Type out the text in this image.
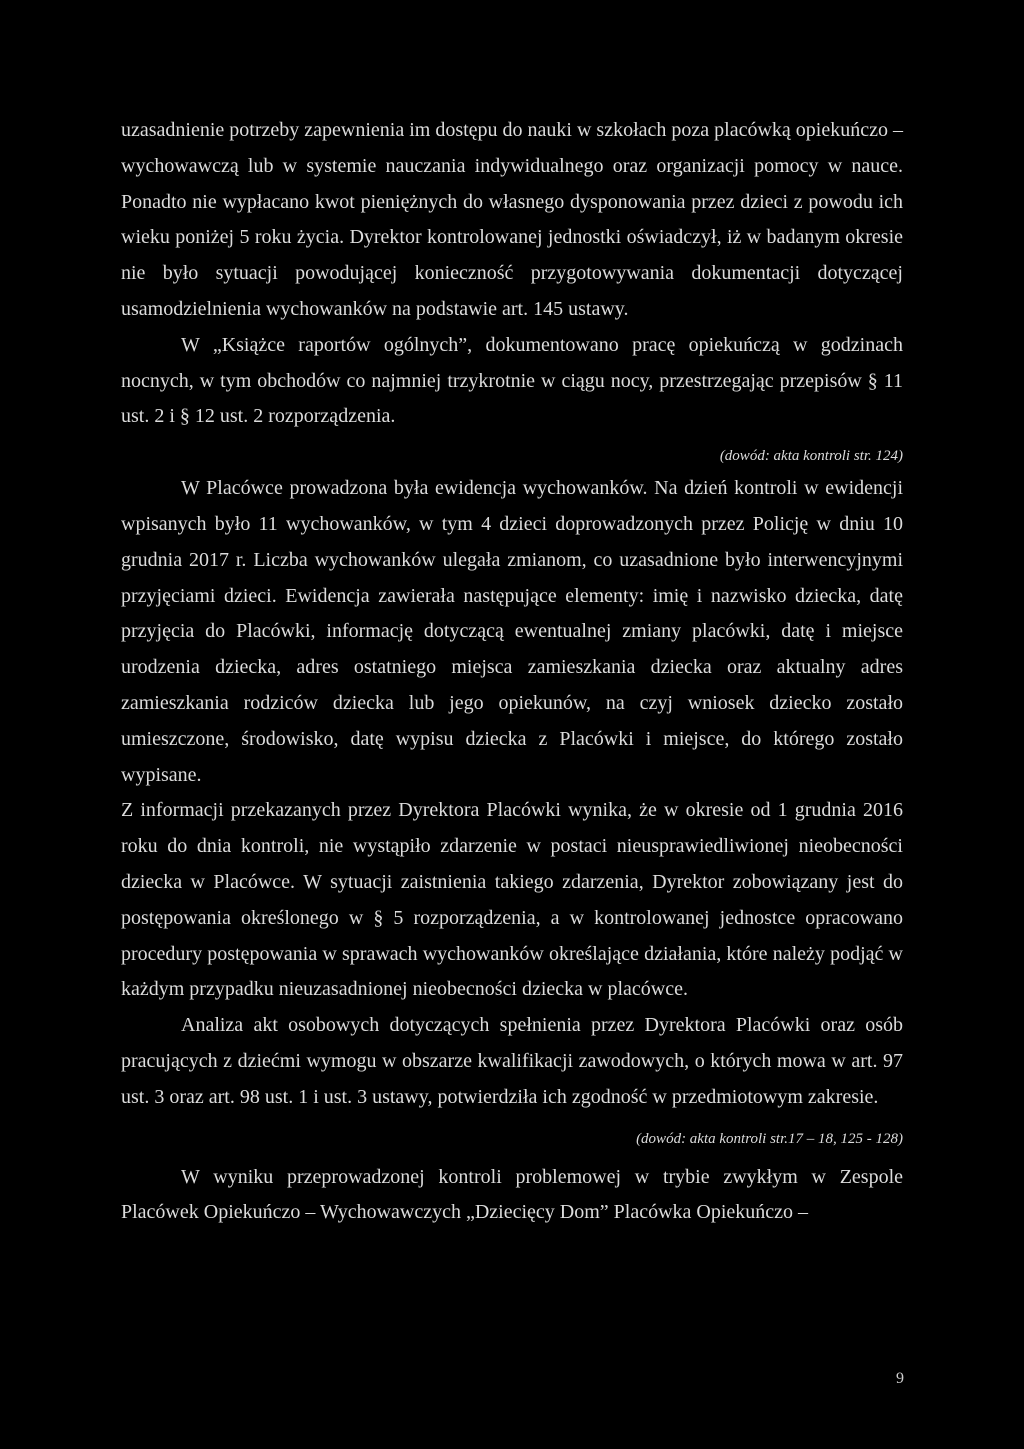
uzasadnienie potrzeby zapewnienia im dostępu do nauki w szkołach poza placówką opiekuńczo – wychowawczą lub w systemie nauczania indywidualnego oraz organizacji pomocy w nauce. Ponadto nie wypłacano kwot pieniężnych do własnego dysponowania przez dzieci z powodu ich wieku poniżej 5 roku życia. Dyrektor kontrolowanej jednostki oświadczył, iż w badanym okresie nie było sytuacji powodującej konieczność przygotowywania dokumentacji dotyczącej usamodzielnienia wychowanków na podstawie art. 145 ustawy.

W „Książce raportów ogólnych”, dokumentowano pracę opiekuńczą w godzinach nocnych, w tym obchodów co najmniej trzykrotnie w ciągu nocy, przestrzegając przepisów § 11 ust. 2 i § 12 ust. 2 rozporządzenia.

(dowód: akta kontroli str. 124)

W Placówce prowadzona była ewidencja wychowanków. Na dzień kontroli w ewidencji wpisanych było 11 wychowanków, w tym 4 dzieci doprowadzonych przez Policję w dniu 10 grudnia 2017 r. Liczba wychowanków ulegała zmianom, co uzasadnione było interwencyjnymi przyjęciami dzieci. Ewidencja zawierała następujące elementy: imię i nazwisko dziecka, datę przyjęcia do Placówki, informację dotyczącą ewentualnej zmiany placówki, datę i miejsce urodzenia dziecka, adres ostatniego miejsca zamieszkania dziecka oraz aktualny adres zamieszkania rodziców dziecka lub jego opiekunów, na czyj wniosek dziecko zostało umieszczone, środowisko, datę wypisu dziecka z Placówki i miejsce, do którego zostało wypisane.

Z informacji przekazanych przez Dyrektora Placówki wynika, że w okresie od 1 grudnia 2016 roku do dnia kontroli, nie wystąpiło zdarzenie w postaci nieusprawiedliwionej nieobecności dziecka w Placówce. W sytuacji zaistnienia takiego zdarzenia, Dyrektor zobowiązany jest do postępowania określonego w § 5 rozporządzenia, a w kontrolowanej jednostce opracowano procedury postępowania w sprawach wychowanków określające działania, które należy podjąć w każdym przypadku nieuzasadnionej nieobecności dziecka w placówce.

Analiza akt osobowych dotyczących spełnienia przez Dyrektora Placówki oraz osób pracujących z dziećmi wymogu w obszarze kwalifikacji zawodowych, o których mowa w art. 97 ust. 3 oraz art. 98 ust. 1 i ust. 3 ustawy, potwierdziła ich zgodność w przedmiotowym zakresie.

(dowód: akta kontroli str.17 – 18, 125 - 128)

W wyniku przeprowadzonej kontroli problemowej w trybie zwykłym w Zespole Placówek Opiekuńczo – Wychowawczych „Dziecięcy Dom” Placówka Opiekuńczo –

9
